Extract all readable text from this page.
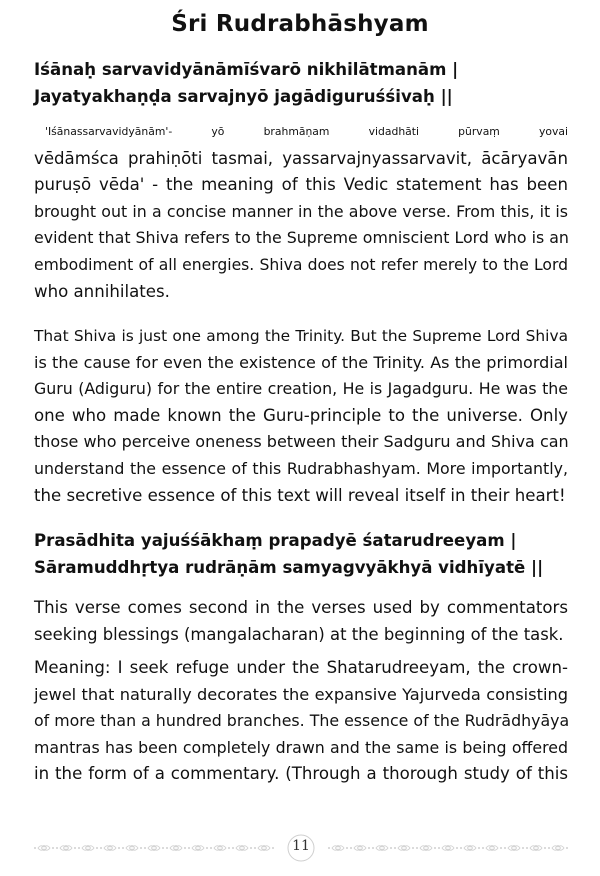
Śri Rudrabhāshyam
Iśānaḥ sarvavidyānāmīśvarō nikhilātmanām |
Jayatyakhaṇḍa sarvajnyō jagādiguruśśivaḥ ||
'Iśānassarvavidyānām'- yō brahmāṇam vidadhāti pūrvaṃ yovai
vēdāmśca prahiṇōti tasmai, yassarvajnyassarvavit, ācāryavān
puruṣō vēda' - the meaning of this Vedic statement has been
brought out in a concise manner in the above verse. From this, it is
evident that Shiva refers to the Supreme omniscient Lord who is an
embodiment of all energies. Shiva does not refer merely to the Lord
who annihilates.
That Shiva is just one among the Trinity. But the Supreme Lord Shiva
is the cause for even the existence of the Trinity. As the primordial
Guru (Adiguru) for the entire creation, He is Jagadguru. He was the
one who made known the Guru-principle to the universe. Only
those who perceive oneness between their Sadguru and Shiva can
understand the essence of this Rudrabhashyam. More importantly,
the secretive essence of this text will reveal itself in their heart!
Prasādhita yajuśśākhaṃ prapadyē śatarudreeyam |
Sāramuddhṛtya rudrāṇām samyagvyākhyā vidhīyatē ||
This verse comes second in the verses used by commentators
seeking blessings (mangalacharan) at the beginning of the task.
Meaning: I seek refuge under the Shatarudreeyam, the crown-
jewel that naturally decorates the expansive Yajurveda consisting
of more than a hundred branches. The essence of the Rudrādhyāya
mantras has been completely drawn and the same is being offered
in the form of a commentary. (Through a thorough study of this
11
